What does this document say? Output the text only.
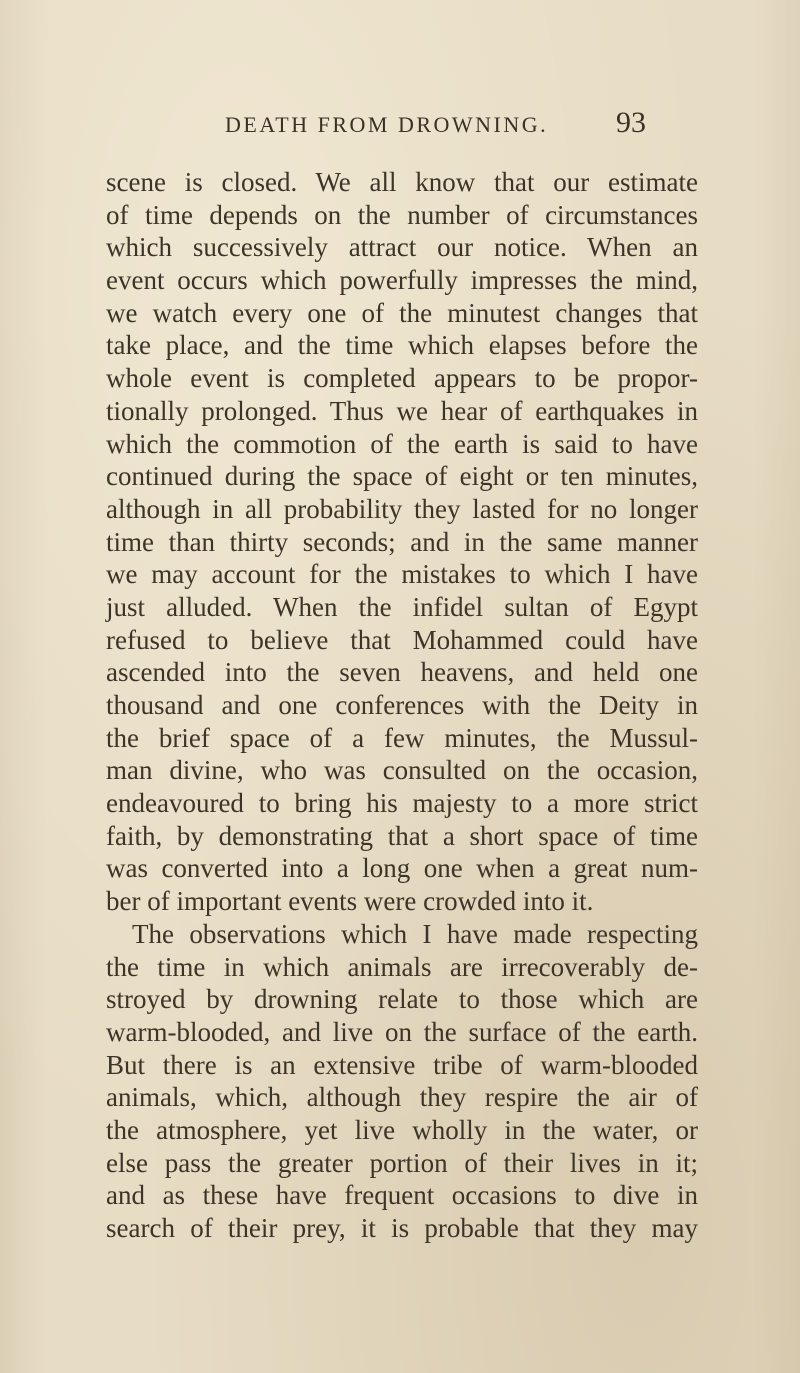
DEATH FROM DROWNING. 93
scene is closed. We all know that our estimate
of time depends on the number of circumstances
which successively attract our notice. When an
event occurs which powerfully impresses the mind,
we watch every one of the minutest changes that
take place, and the time which elapses before the
whole event is completed appears to be propor-
tionally prolonged. Thus we hear of earthquakes in
which the commotion of the earth is said to have
continued during the space of eight or ten minutes,
although in all probability they lasted for no longer
time than thirty seconds; and in the same manner
we may account for the mistakes to which I have
just alluded. When the infidel sultan of Egypt
refused to believe that Mohammed could have
ascended into the seven heavens, and held one
thousand and one conferences with the Deity in
the brief space of a few minutes, the Mussul-
man divine, who was consulted on the occasion,
endeavoured to bring his majesty to a more strict
faith, by demonstrating that a short space of time
was converted into a long one when a great num-
ber of important events were crowded into it.
The observations which I have made respecting
the time in which animals are irrecoverably de-
stroyed by drowning relate to those which are
warm-blooded, and live on the surface of the earth.
But there is an extensive tribe of warm-blooded
animals, which, although they respire the air of
the atmosphere, yet live wholly in the water, or
else pass the greater portion of their lives in it;
and as these have frequent occasions to dive in
search of their prey, it is probable that they may
